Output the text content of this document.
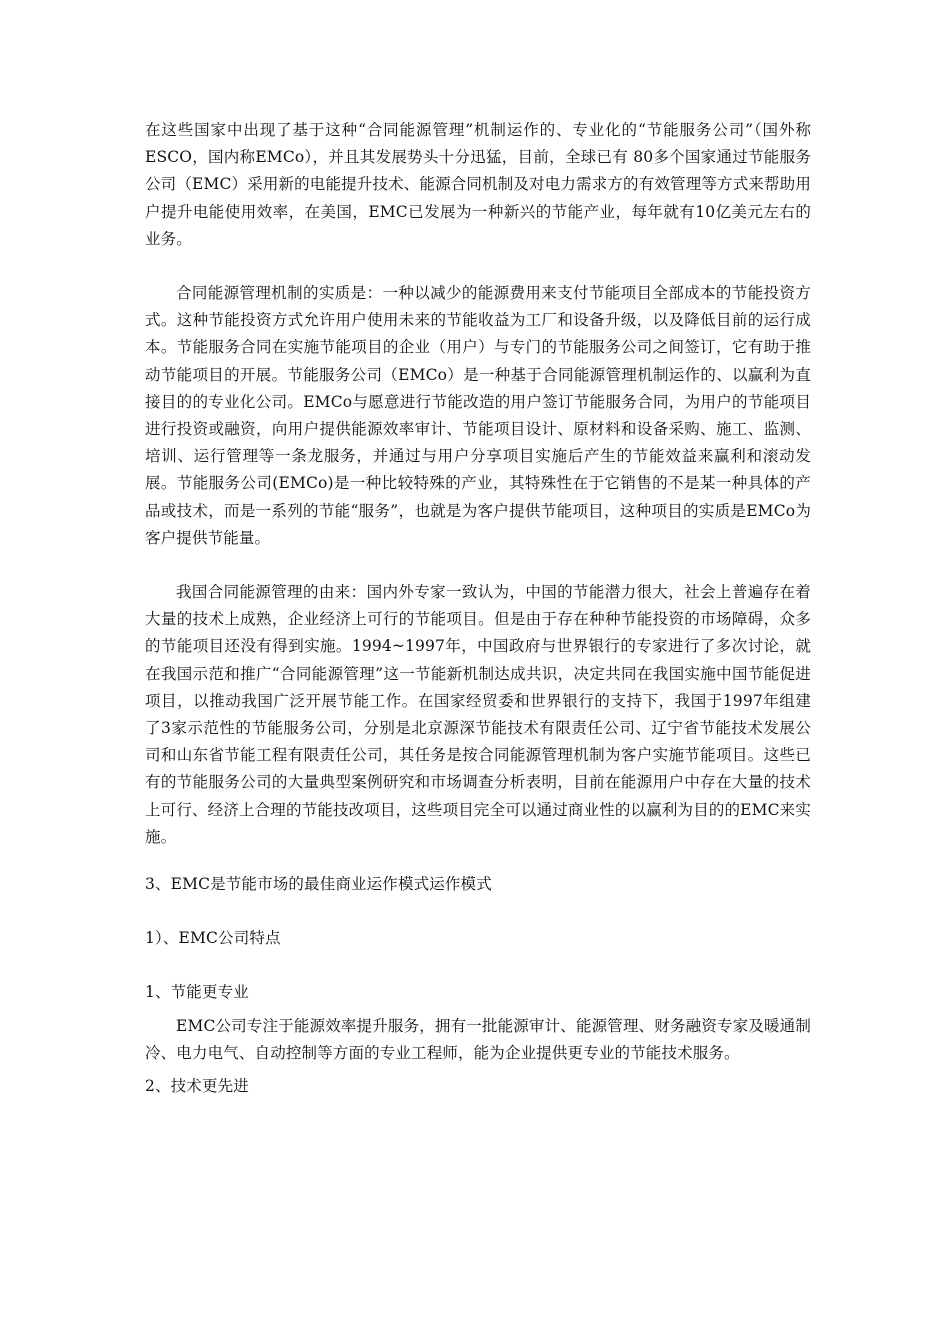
在这些国家中出现了基于这种“合同能源管理”机制运作的、专业化的“节能服务公司”（国外称ESCO，国内称EMCo），并且其发展势头十分迅猛，目前，全球已有 80多个国家通过节能服务公司（EMC）采用新的电能提升技术、能源合同机制及对电力需求方的有效管理等方式来帮助用户提升电能使用效率，在美国，EMC已发展为一种新兴的节能产业，每年就有10亿美元左右的业务。

合同能源管理机制的实质是：一种以减少的能源费用来支付节能项目全部成本的节能投资方式。这种节能投资方式允许用户使用未来的节能收益为工厂和设备升级，以及降低目前的运行成本。节能服务合同在实施节能项目的企业（用户）与专门的节能服务公司之间签订，它有助于推动节能项目的开展。节能服务公司（EMCo）是一种基于合同能源管理机制运作的、以赢利为直接目的的专业化公司。EMCo与愿意进行节能改造的用户签订节能服务合同，为用户的节能项目进行投资或融资，向用户提供能源效率审计、节能项目设计、原材料和设备采购、施工、监测、培训、运行管理等一条龙服务，并通过与用户分享项目实施后产生的节能效益来赢利和滚动发展。节能服务公司(EMCo)是一种比较特殊的产业，其特殊性在于它销售的不是某一种具体的产品或技术，而是一系列的节能“服务”，也就是为客户提供节能项目，这种项目的实质是EMCo为客户提供节能量。

我国合同能源管理的由来：国内外专家一致认为，中国的节能潜力很大，社会上普遍存在着大量的技术上成熟，企业经济上可行的节能项目。但是由于存在种种节能投资的市场障碍，众多的节能项目还没有得到实施。1994~1997年，中国政府与世界银行的专家进行了多次讨论，就在我国示范和推广“合同能源管理”这一节能新机制达成共识，决定共同在我国实施中国节能促进项目，以推动我国广泛开展节能工作。在国家经贸委和世界银行的支持下，我国于1997年组建了3家示范性的节能服务公司，分别是北京源深节能技术有限责任公司、辽宁省节能技术发展公司和山东省节能工程有限责任公司，其任务是按合同能源管理机制为客户实施节能项目。这些已有的节能服务公司的大量典型案例研究和市场调查分析表明，目前在能源用户中存在大量的技术上可行、经济上合理的节能技改项目，这些项目完全可以通过商业性的以赢利为目的的EMC来实施。

3、EMC是节能市场的最佳商业运作模式运作模式

1）、EMC公司特点

1、节能更专业

EMC公司专注于能源效率提升服务，拥有一批能源审计、能源管理、财务融资专家及暖通制冷、电力电气、自动控制等方面的专业工程师，能为企业提供更专业的节能技术服务。

2、技术更先进
